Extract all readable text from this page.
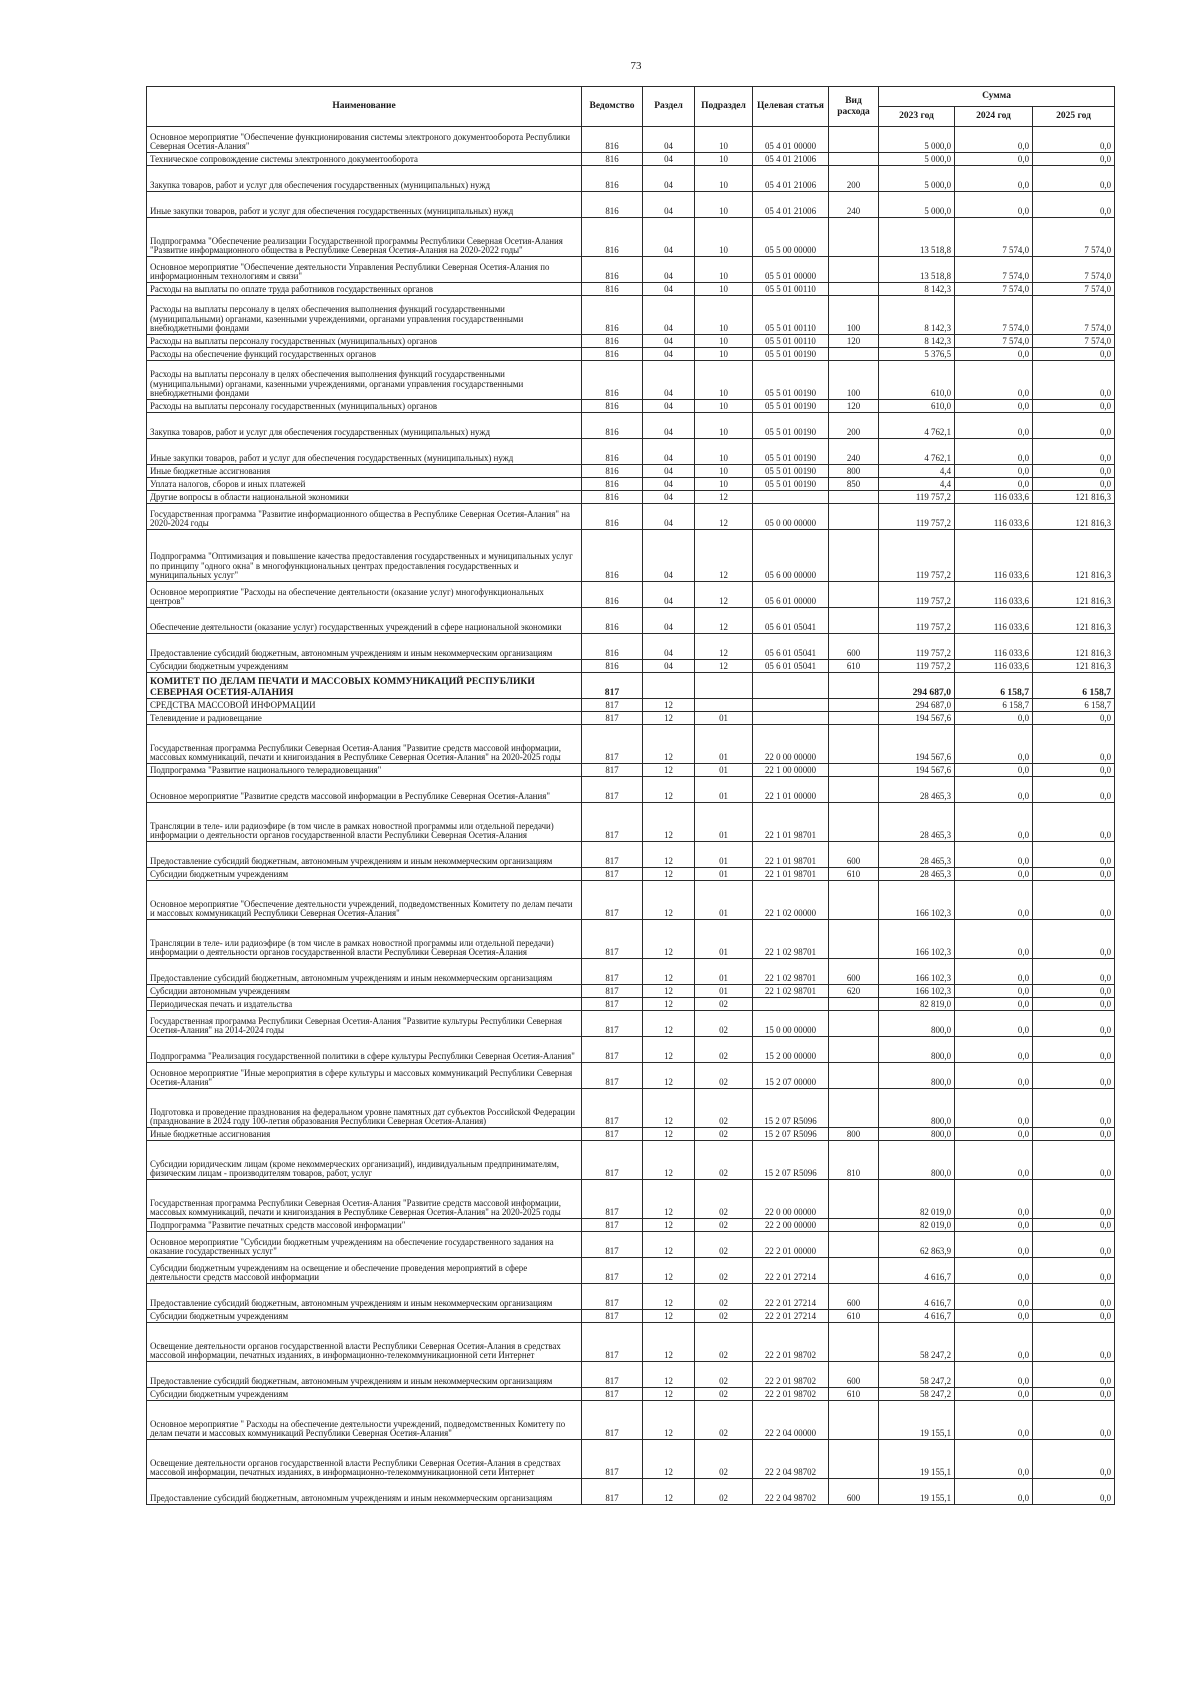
73
Наименование	Ведомство	Раздел	Подраздел	Целевая статья	Вид расхода	Сумма		
						2023 год	2024 год	2025 год
Основное мероприятие "Обеспечение функционирования системы электроного документооборота Республики Северная Осетия-Алания"	816	04	10	05 4 01 00000		5 000,0	0,0	0,0
Техническое сопровождение системы электронного документооборота	816	04	10	05 4 01 21006		5 000,0	0,0	0,0
Закупка товаров, работ и услуг для обеспечения государственных (муниципальных) нужд	816	04	10	05 4 01 21006	200	5 000,0	0,0	0,0
Иные закупки товаров, работ и услуг для обеспечения государственных (муниципальных) нужд	816	04	10	05 4 01 21006	240	5 000,0	0,0	0,0
Подпрограмма "Обеспечение реализации Государственной программы Республики Северная Осетия-Алания "Развитие информационного общества в Республике Северная Осетия-Алания на 2020-2022 годы"	816	04	10	05 5 00 00000		13 518,8	7 574,0	7 574,0
Основное мероприятие "Обеспечение деятельности Управления Республики Северная Осетия-Алания по информационным технологиям и связи"	816	04	10	05 5 01 00000		13 518,8	7 574,0	7 574,0
Расходы на выплаты по оплате труда работников государственных органов	816	04	10	05 5 01 00110		8 142,3	7 574,0	7 574,0
Расходы на выплаты персоналу в целях обеспечения выполнения функций государственными (муниципальными) органами, казенными учреждениями, органами управления государственными внебюджетными фондами	816	04	10	05 5 01 00110	100	8 142,3	7 574,0	7 574,0
Расходы на выплаты персоналу государственных (муниципальных) органов	816	04	10	05 5 01 00110	120	8 142,3	7 574,0	7 574,0
Расходы на обеспечение функций государственных органов	816	04	10	05 5 01 00190		5 376,5	0,0	0,0
Расходы на выплаты персоналу в целях обеспечения выполнения функций государственными (муниципальными) органами, казенными учреждениями, органами управления государственными внебюджетными фондами	816	04	10	05 5 01 00190	100	610,0	0,0	0,0
Расходы на выплаты персоналу государственных (муниципальных) органов	816	04	10	05 5 01 00190	120	610,0	0,0	0,0
Закупка товаров, работ и услуг для обеспечения государственных (муниципальных) нужд	816	04	10	05 5 01 00190	200	4 762,1	0,0	0,0
Иные закупки товаров, работ и услуг для обеспечения государственных (муниципальных) нужд	816	04	10	05 5 01 00190	240	4 762,1	0,0	0,0
Иные бюджетные ассигнования	816	04	10	05 5 01 00190	800	4,4	0,0	0,0
Уплата налогов, сборов и иных платежей	816	04	10	05 5 01 00190	850	4,4	0,0	0,0
Другие вопросы в области национальной экономики	816	04	12			119 757,2	116 033,6	121 816,3
Государственная программа "Развитие информационного общества в Республике Северная Осетия-Алания" на 2020-2024 годы	816	04	12	05 0 00 00000		119 757,2	116 033,6	121 816,3
Подпрограмма "Оптимизация и повышение качества предоставления государственных и муниципальных услуг по принципу "одного окна" в многофункциональных центрах предоставления государственных и муниципальных услуг"	816	04	12	05 6 00 00000		119 757,2	116 033,6	121 816,3
Основное мероприятие "Расходы на обеспечение деятельности (оказание услуг) многофункциональных центров"	816	04	12	05 6 01 00000		119 757,2	116 033,6	121 816,3
Обеспечение деятельности (оказание услуг) государственных учреждений в сфере национальной экономики	816	04	12	05 6 01 05041		119 757,2	116 033,6	121 816,3
Предоставление субсидий бюджетным, автономным учреждениям и иным некоммерческим организациям	816	04	12	05 6 01 05041	600	119 757,2	116 033,6	121 816,3
Субсидии бюджетным учреждениям	816	04	12	05 6 01 05041	610	119 757,2	116 033,6	121 816,3
КОМИТЕТ ПО ДЕЛАМ ПЕЧАТИ И МАССОВЫХ КОММУНИКАЦИЙ РЕСПУБЛИКИ СЕВЕРНАЯ ОСЕТИЯ-АЛАНИЯ	817					294 687,0	6 158,7	6 158,7
СРЕДСТВА МАССОВОЙ ИНФОРМАЦИИ	817	12				294 687,0	6 158,7	6 158,7
Телевидение и радиовещание	817	12	01			194 567,6	0,0	0,0
Государственная программа Республики Северная Осетия-Алания "Развитие средств массовой информации, массовых коммуникаций, печати и книгоиздания в Республике Северная Осетия-Алания" на 2020-2025 годы	817	12	01	22 0 00 00000		194 567,6	0,0	0,0
Подпрограмма "Развитие национального телерадиовещания"	817	12	01	22 1 00 00000		194 567,6	0,0	0,0
Основное мероприятие "Развитие средств массовой информации в Республике Северная Осетия-Алания"	817	12	01	22 1 01 00000		28 465,3	0,0	0,0
Трансляции в теле- или радиоэфире (в том числе в рамках новостной программы или отдельной передачи) информации о деятельности органов государственной власти Республики Северная Осетия-Алания	817	12	01	22 1 01 98701		28 465,3	0,0	0,0
Предоставление субсидий бюджетным, автономным учреждениям и иным некоммерческим организациям	817	12	01	22 1 01 98701	600	28 465,3	0,0	0,0
Субсидии бюджетным учреждениям	817	12	01	22 1 01 98701	610	28 465,3	0,0	0,0
Основное мероприятие "Обеспечение деятельности учреждений, подведомственных Комитету по делам печати и массовых коммуникаций Республики Северная Осетия-Алания"	817	12	01	22 1 02 00000		166 102,3	0,0	0,0
Трансляции в теле- или радиоэфире (в том числе в рамках новостной программы или отдельной передачи) информации о деятельности органов государственной власти Республики Северная Осетия-Алания	817	12	01	22 1 02 98701		166 102,3	0,0	0,0
Предоставление субсидий бюджетным, автономным учреждениям и иным некоммерческим организациям	817	12	01	22 1 02 98701	600	166 102,3	0,0	0,0
Субсидии автономным учреждениям	817	12	01	22 1 02 98701	620	166 102,3	0,0	0,0
Периодическая печать и издательства	817	12	02			82 819,0	0,0	0,0
Государственная программа Республики Северная Осетия-Алания "Развитие культуры Республики Северная Осетия-Алания" на 2014-2024 годы	817	12	02	15 0 00 00000		800,0	0,0	0,0
Подпрограмма "Реализация государственной политики в сфере культуры Республики Северная Осетия-Алания"	817	12	02	15 2 00 00000		800,0	0,0	0,0
Основное мероприятие "Иные мероприятия в сфере культуры и массовых коммуникаций Республики Северная Осетия-Алания"	817	12	02	15 2 07 00000		800,0	0,0	0,0
Подготовка и проведение празднования на федеральном уровне памятных дат субъектов Российской Федерации (празднование в 2024 году 100-летия образования Республики Северная Осетия-Алания)	817	12	02	15 2 07 R5096		800,0	0,0	0,0
Иные бюджетные ассигнования	817	12	02	15 2 07 R5096	800	800,0	0,0	0,0
Субсидии юридическим лицам (кроме некоммерческих организаций), индивидуальным предпринимателям, физическим лицам - производителям товаров, работ, услуг	817	12	02	15 2 07 R5096	810	800,0	0,0	0,0
Государственная программа Республики Северная Осетия-Алания "Развитие средств массовой информации, массовых коммуникаций, печати и книгоиздания в Республике Северная Осетия-Алания" на 2020-2025 годы	817	12	02	22 0 00 00000		82 019,0	0,0	0,0
Подпрограмма "Развитие печатных средств массовой информации"	817	12	02	22 2 00 00000		82 019,0	0,0	0,0
Основное мероприятие "Субсидии бюджетным учреждениям на обеспечение государственного задания на оказание государственных услуг"	817	12	02	22 2 01 00000		62 863,9	0,0	0,0
Субсидии бюджетным учреждениям на освещение и обеспечение проведения мероприятий в сфере деятельности средств массовой информации	817	12	02	22 2 01 27214		4 616,7	0,0	0,0
Предоставление субсидий бюджетным, автономным учреждениям и иным некоммерческим организациям	817	12	02	22 2 01 27214	600	4 616,7	0,0	0,0
Субсидии бюджетным учреждениям	817	12	02	22 2 01 27214	610	4 616,7	0,0	0,0
Освещение деятельности органов государственной власти Республики Северная Осетия-Алания в средствах массовой информации, печатных изданиях, в информационно-телекоммуникационной сети Интернет	817	12	02	22 2 01 98702		58 247,2	0,0	0,0
Предоставление субсидий бюджетным, автономным учреждениям и иным некоммерческим организациям	817	12	02	22 2 01 98702	600	58 247,2	0,0	0,0
Субсидии бюджетным учреждениям	817	12	02	22 2 01 98702	610	58 247,2	0,0	0,0
Основное мероприятие " Расходы на обеспечение деятельности учреждений, подведомственных Комитету по делам печати и массовых коммуникаций Республики Северная Осетия-Алания"	817	12	02	22 2 04 00000		19 155,1	0,0	0,0
Освещение деятельности органов государственной власти Республики Северная Осетия-Алания в средствах массовой информации, печатных изданиях, в информационно-телекоммуникационной сети Интернет	817	12	02	22 2 04 98702		19 155,1	0,0	0,0
Предоставление субсидий бюджетным, автономным учреждениям и иным некоммерческим организациям	817	12	02	22 2 04 98702	600	19 155,1	0,0	0,0
